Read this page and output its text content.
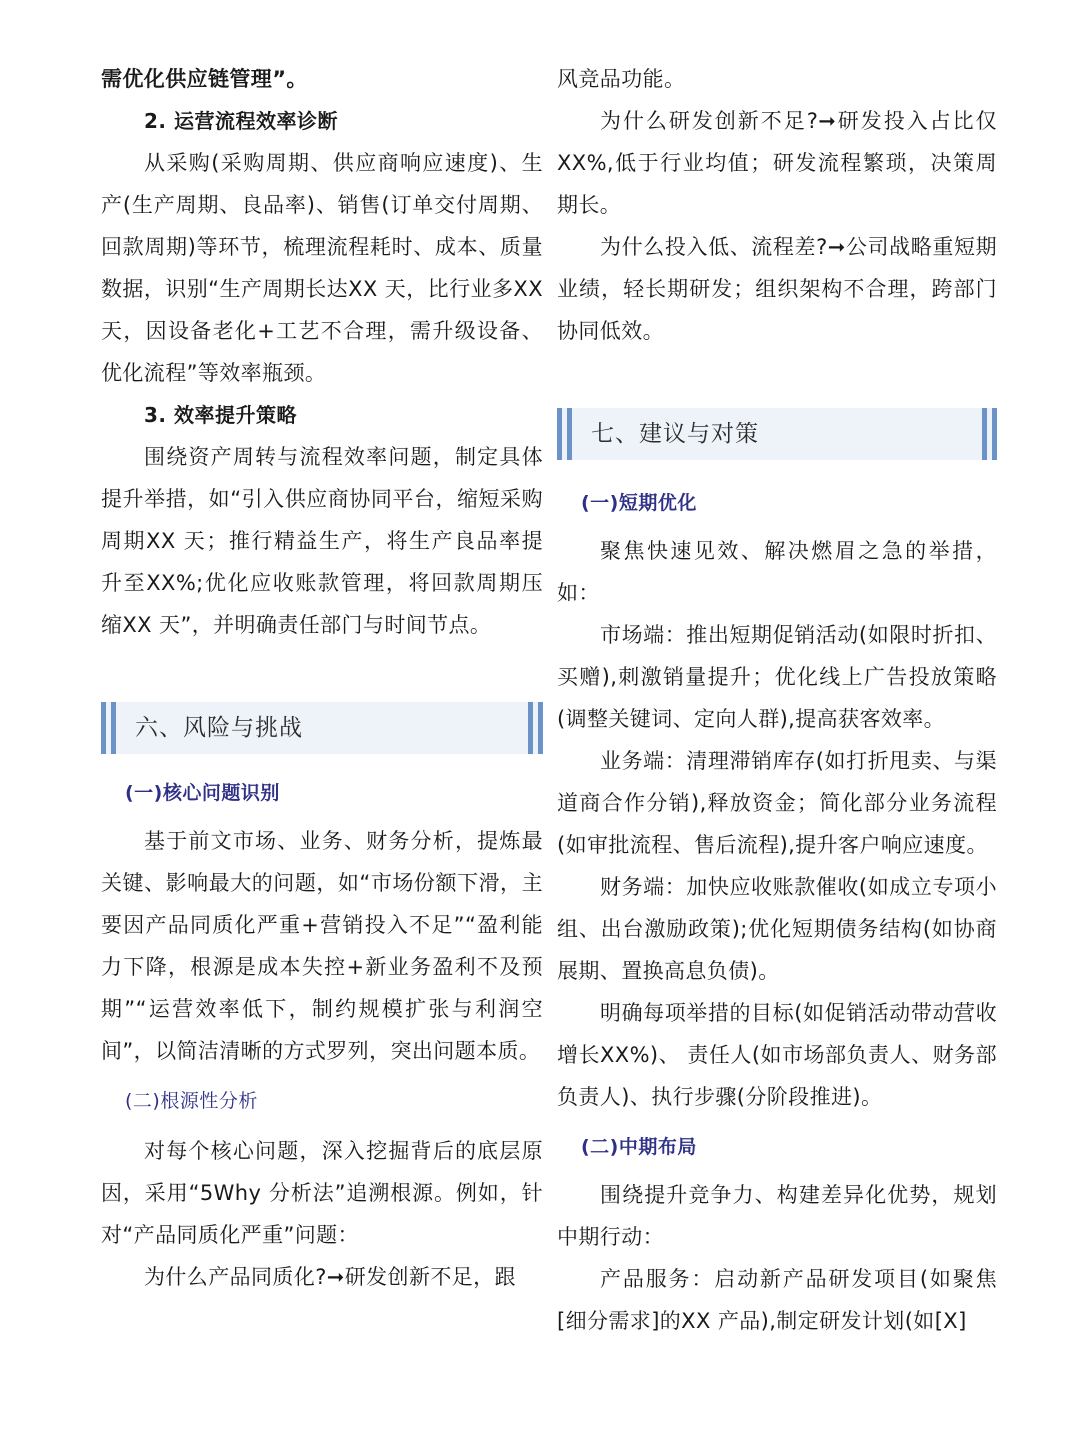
需优化供应链管理”。

2. 运营流程效率诊断

从采购(采购周期、供应商响应速度)、生产(生产周期、良品率)、销售(订单交付周期、回款周期)等环节，梳理流程耗时、成本、质量数据，识别“生产周期长达XX 天，比行业多XX 天，因设备老化+工艺不合理，需升级设备、优化流程”等效率瓶颈。

3. 效率提升策略

围绕资产周转与流程效率问题，制定具体提升举措，如“引入供应商协同平台，缩短采购周期XX 天；推行精益生产，将生产良品率提升至XX%;优化应收账款管理，将回款周期压缩XX 天”，并明确责任部门与时间节点。

六、风险与挑战

(一)核心问题识别

基于前文市场、业务、财务分析，提炼最关键、影响最大的问题，如“市场份额下滑，主要因产品同质化严重+营销投入不足”“盈利能力下降，根源是成本失控+新业务盈利不及预期”“运营效率低下，制约规模扩张与利润空间”，以简洁清晰的方式罗列，突出问题本质。

(二)根源性分析

对每个核心问题，深入挖掘背后的底层原因，采用“5Why 分析法”追溯根源。例如，针对“产品同质化严重”问题：

为什么产品同质化?➞研发创新不足，跟

风竞品功能。

为什么研发创新不足?➞研发投入占比仅 XX%,低于行业均值；研发流程繁琐，决策周期长。

为什么投入低、流程差?➞公司战略重短期业绩，轻长期研发；组织架构不合理，跨部门协同低效。

七、建议与对策

(一)短期优化

聚焦快速见效、解决燃眉之急的举措，如：

市场端：推出短期促销活动(如限时折扣、买赠),刺激销量提升；优化线上广告投放策略(调整关键词、定向人群),提高获客效率。

业务端：清理滞销库存(如打折甩卖、与渠道商合作分销),释放资金；简化部分业务流程(如审批流程、售后流程),提升客户响应速度。

财务端：加快应收账款催收(如成立专项小组、出台激励政策);优化短期债务结构(如协商展期、置换高息负债)。

明确每项举措的目标(如促销活动带动营收增长XX%)、 责任人(如市场部负责人、财务部负责人)、执行步骤(分阶段推进)。

(二)中期布局

围绕提升竞争力、构建差异化优势，规划中期行动：

产品服务：启动新产品研发项目(如聚焦[细分需求]的XX 产品),制定研发计划(如[X]
